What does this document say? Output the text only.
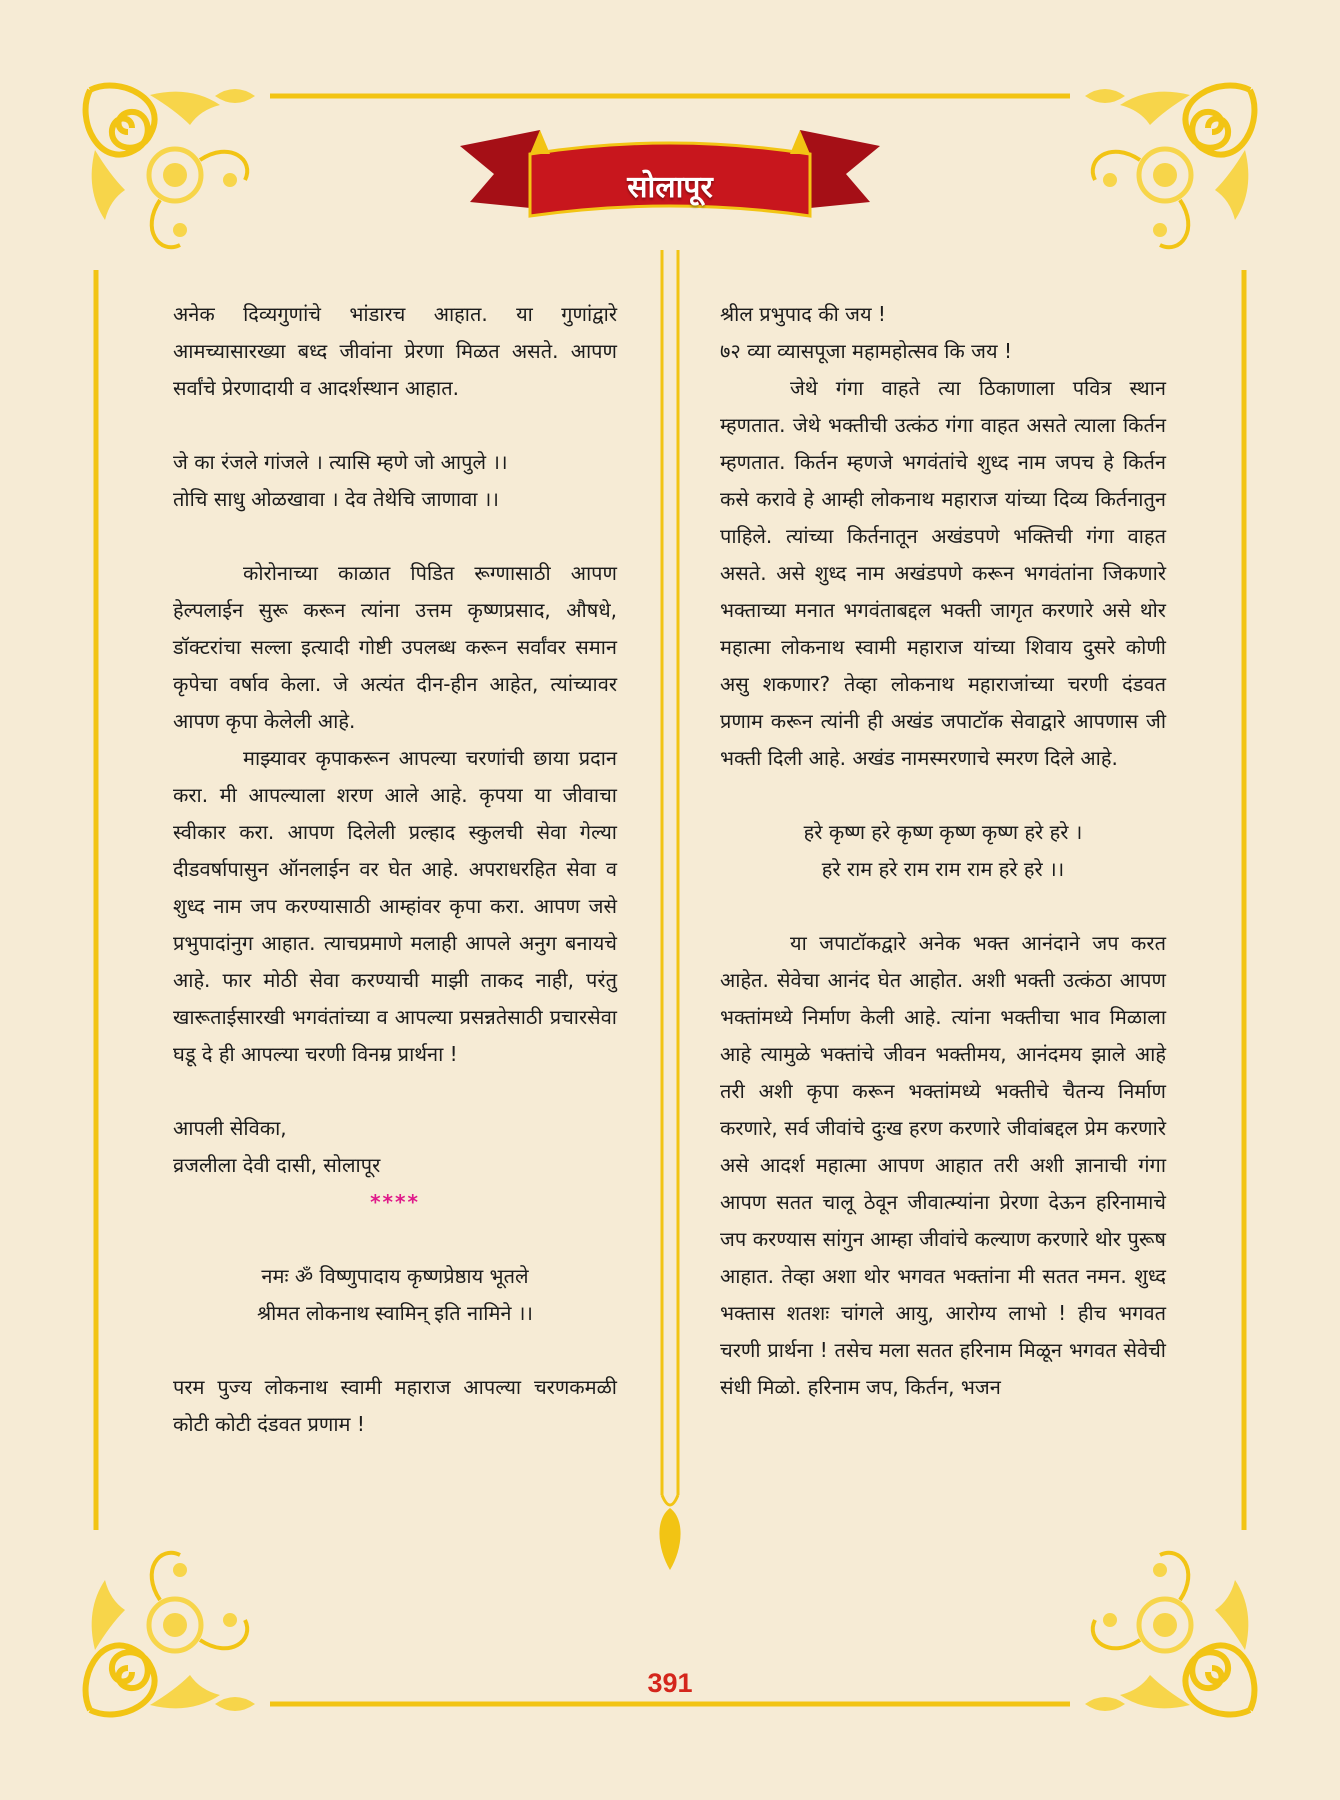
सोलापूर

अनेक दिव्यगुणांचे भांडारच आहात. या गुणांद्वारे आमच्यासारख्या बध्द जीवांना प्रेरणा मिळत असते. आपण सर्वांचे प्रेरणादायी व आदर्शस्थान आहात.

जे का रंजले गांजले । त्यासि म्हणे जो आपुले ।।

तोचि साधु ओळखावा । देव तेथेचि जाणावा ।।

कोरोनाच्या काळात पिडित रूग्णासाठी आपण हेल्पलाईन सुरू करून त्यांना उत्तम कृष्णप्रसाद, औषधे, डॉक्टरांचा सल्ला इत्यादी गोष्टी उपलब्ध करून सर्वांवर समान कृपेचा वर्षाव केला. जे अत्यंत दीन-हीन आहेत, त्यांच्यावर आपण कृपा केलेली आहे.

माझ्यावर कृपाकरून आपल्या चरणांची छाया प्रदान करा. मी आपल्याला शरण आले आहे. कृपया या जीवाचा स्वीकार करा. आपण दिलेली प्रल्हाद स्कुलची सेवा गेल्या दीडवर्षापासुन ऑनलाईन वर घेत आहे. अपराधरहित सेवा व शुध्द नाम जप करण्यासाठी आम्हांवर कृपा करा. आपण जसे प्रभुपादांनुग आहात. त्याचप्रमाणे मलाही आपले अनुग बनायचे आहे. फार मोठी सेवा करण्याची माझी ताकद नाही, परंतु खारूताईसारखी भगवंतांच्या व आपल्या प्रसन्नतेसाठी प्रचारसेवा घडू दे ही आपल्या चरणी विनम्र प्रार्थना !

आपली सेविका,

व्रजलीला देवी दासी, सोलापूर

****

नमः ॐ विष्णुपादाय कृष्णप्रेष्ठाय भूतले

श्रीमत लोकनाथ स्वामिन् इति नामिने ।।

परम पुज्य लोकनाथ स्वामी महाराज आपल्या चरणकमळी कोटी कोटी दंडवत प्रणाम !

श्रील प्रभुपाद की जय !

७२ व्या व्यासपूजा महामहोत्सव कि जय !

जेथे गंगा वाहते त्या ठिकाणाला पवित्र स्थान म्हणतात. जेथे भक्तीची उत्कंठ गंगा वाहत असते त्याला किर्तन म्हणतात. किर्तन म्हणजे भगवंतांचे शुध्द नाम जपच हे किर्तन कसे करावे हे आम्ही लोकनाथ महाराज यांच्या दिव्य किर्तनातुन पाहिले. त्यांच्या किर्तनातून अखंडपणे भक्तिची गंगा वाहत असते. असे शुध्द नाम अखंडपणे करून भगवंतांना जिकणारे भक्ताच्या मनात भगवंताबद्दल भक्ती जागृत करणारे असे थोर महात्मा लोकनाथ स्वामी महाराज यांच्या शिवाय दुसरे कोणी असु शकणार? तेव्हा लोकनाथ महाराजांच्या चरणी दंडवत प्रणाम करून त्यांनी ही अखंड जपाटॉक सेवाद्वारे आपणास जी भक्ती दिली आहे. अखंड नामस्मरणाचे स्मरण दिले आहे.

हरे कृष्ण हरे कृष्ण कृष्ण कृष्ण हरे हरे ।

हरे राम हरे राम राम राम हरे हरे ।।

या जपाटॉकद्वारे अनेक भक्त आनंदाने जप करत आहेत. सेवेचा आनंद घेत आहोत. अशी भक्ती उत्कंठा आपण भक्तांमध्ये निर्माण केली आहे. त्यांना भक्तीचा भाव मिळाला आहे त्यामुळे भक्तांचे जीवन भक्तीमय, आनंदमय झाले आहे तरी अशी कृपा करून भक्तांमध्ये भक्तीचे चैतन्य निर्माण करणारे, सर्व जीवांचे दुःख हरण करणारे जीवांबद्दल प्रेम करणारे असे आदर्श महात्मा आपण आहात तरी अशी ज्ञानाची गंगा आपण सतत चालू ठेवून जीवात्म्यांना प्रेरणा देऊन हरिनामाचे जप करण्यास सांगुन आम्हा जीवांचे कल्याण करणारे थोर पुरूष आहात. तेव्हा अशा थोर भगवत भक्तांना मी सतत नमन. शुध्द भक्तास शतशः चांगले आयु, आरोग्य लाभो ! हीच भगवत चरणी प्रार्थना ! तसेच मला सतत हरिनाम मिळून भगवत सेवेची संधी मिळो. हरिनाम जप, किर्तन, भजन

391
